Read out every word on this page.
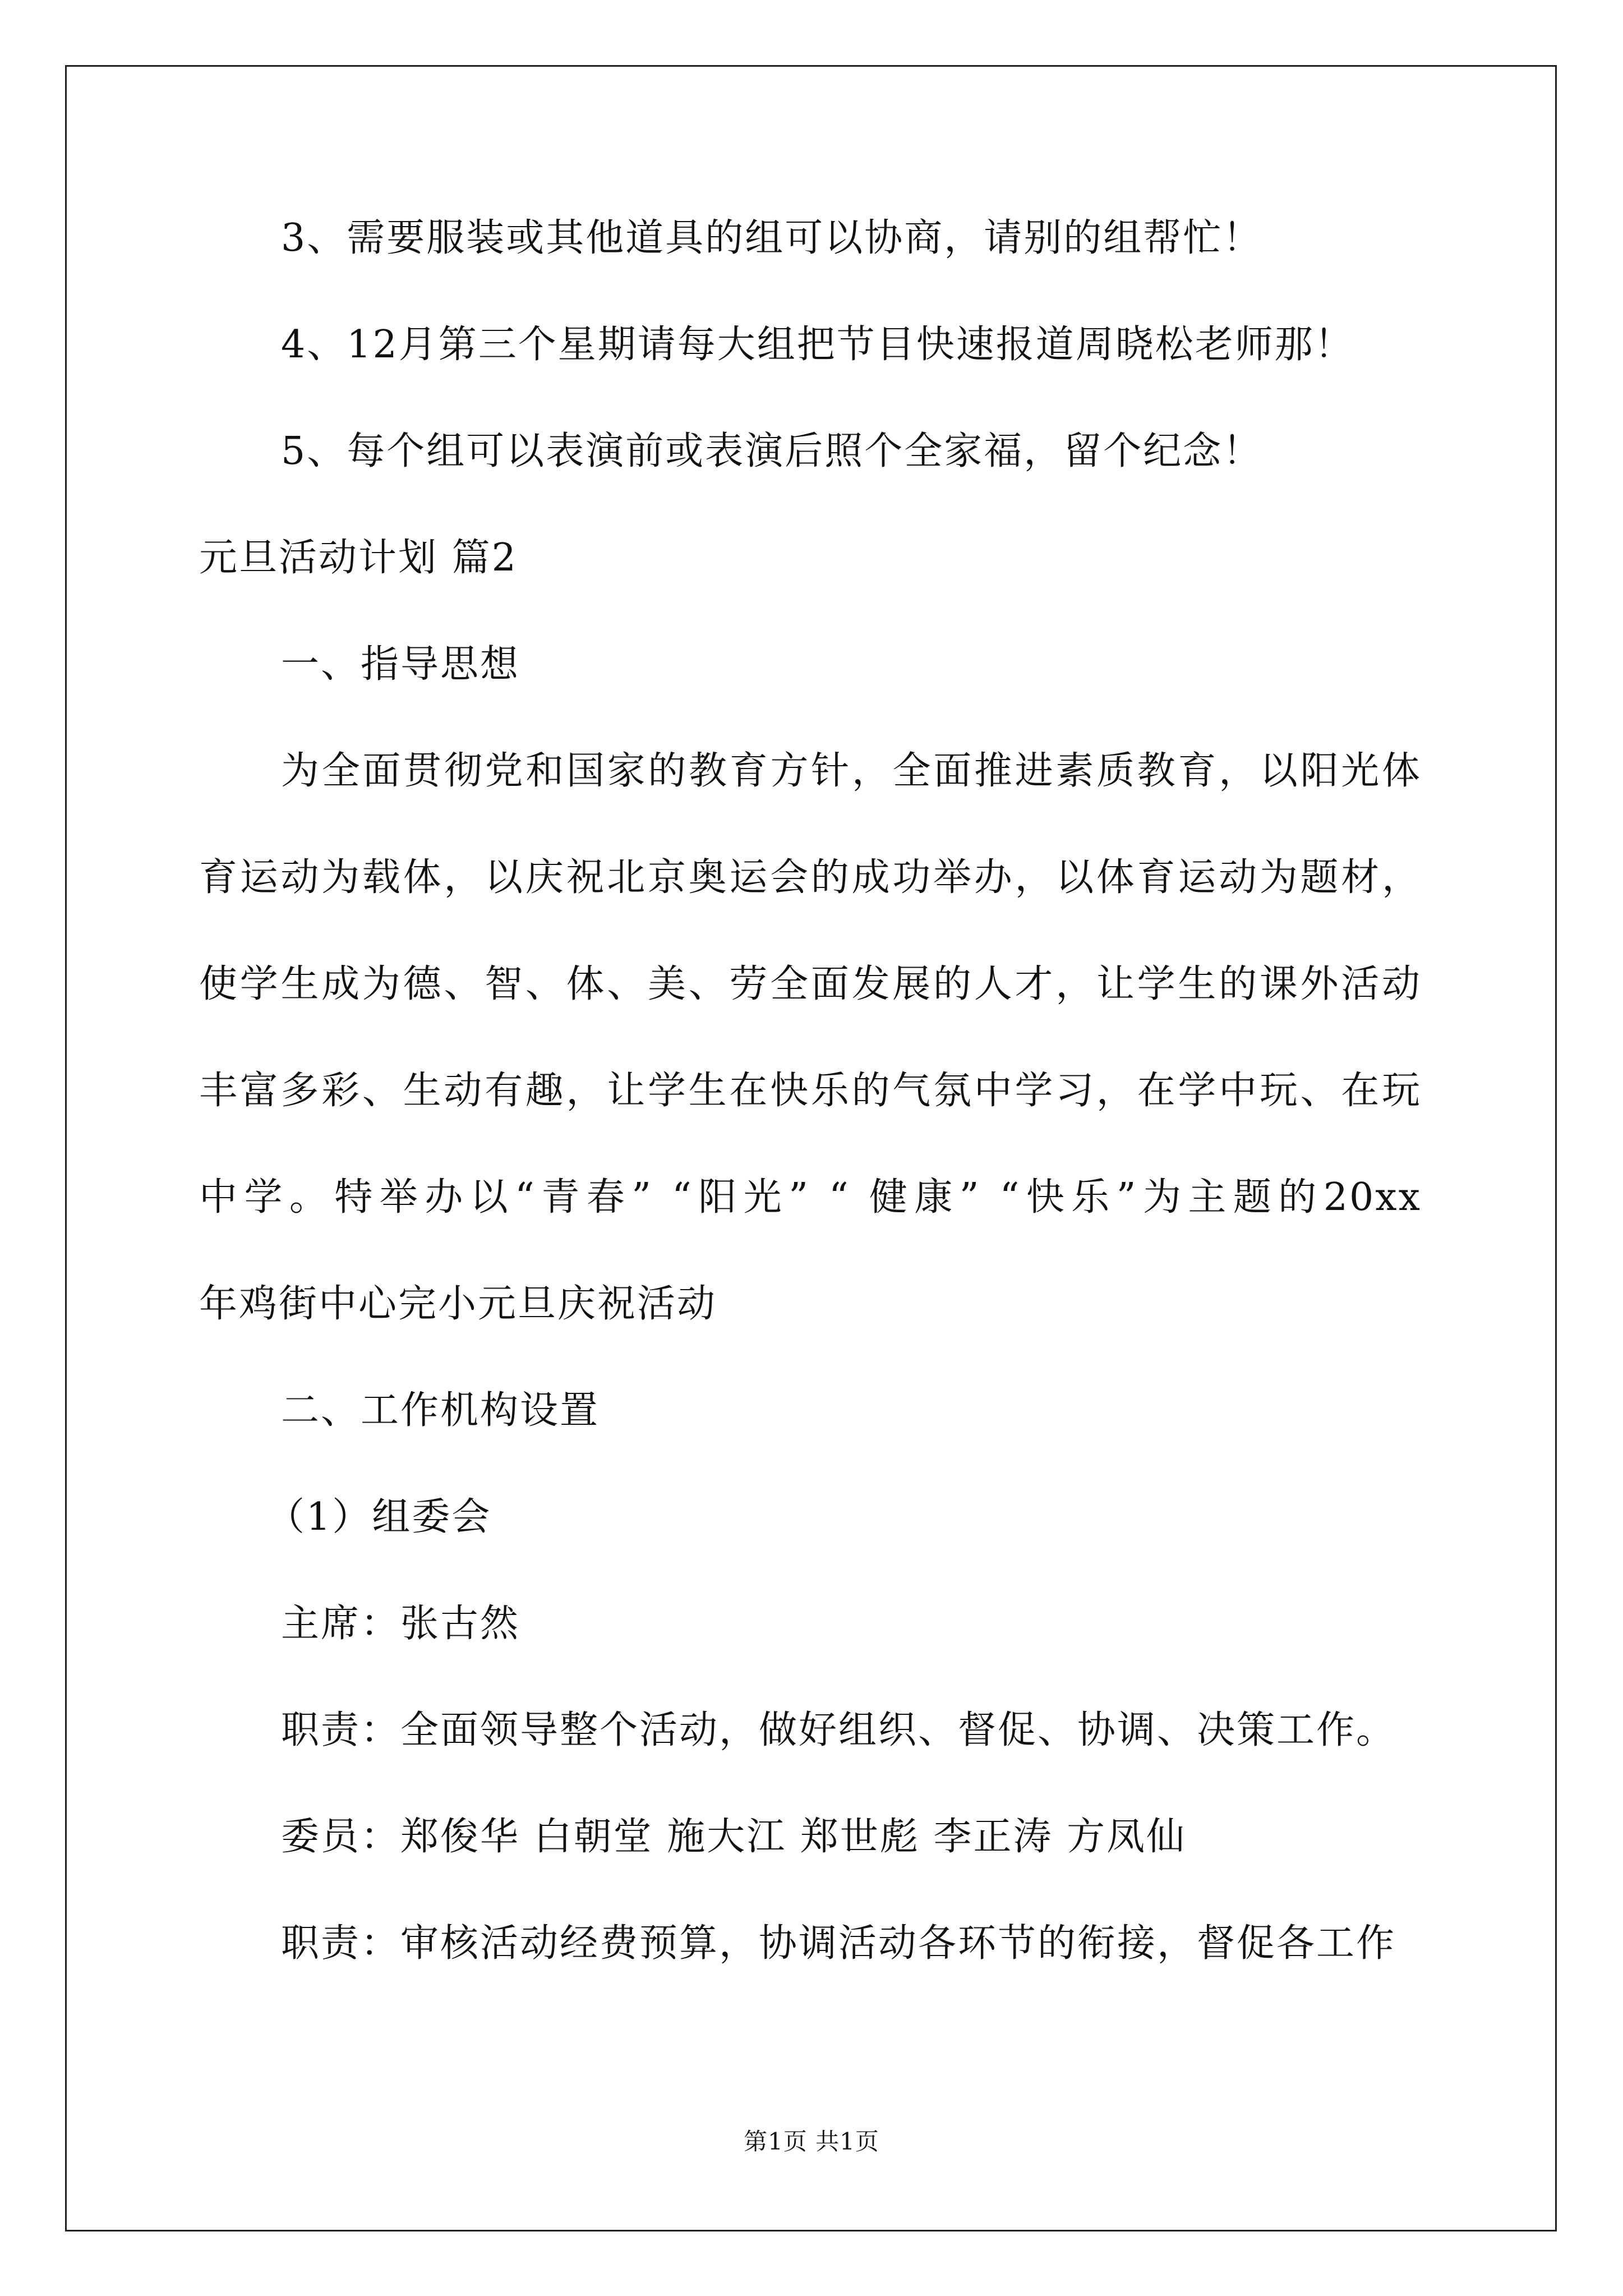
3、需要服装或其他道具的组可以协商，请别的组帮忙！
4、12月第三个星期请每大组把节目快速报道周晓松老师那！
5、每个组可以表演前或表演后照个全家福，留个纪念！
元旦活动计划 篇2
一、指导思想
为全面贯彻党和国家的教育方针，全面推进素质教育，以阳光体
育运动为载体，以庆祝北京奥运会的成功举办，以体育运动为题材，
使学生成为德、智、体、美、劳全面发展的人才，让学生的课外活动
丰富多彩、生动有趣，让学生在快乐的气氛中学习，在学中玩、在玩
中学。特举办以“青春” “阳光” “ 健康” “快乐”为主题的20xx
年鸡街中心完小元旦庆祝活动
二、工作机构设置
（1）组委会
主席：张古然
职责：全面领导整个活动，做好组织、督促、协调、决策工作。
委员：郑俊华 白朝堂 施大江 郑世彪 李正涛 方凤仙
职责：审核活动经费预算，协调活动各环节的衔接，督促各工作
第1页 共1页
